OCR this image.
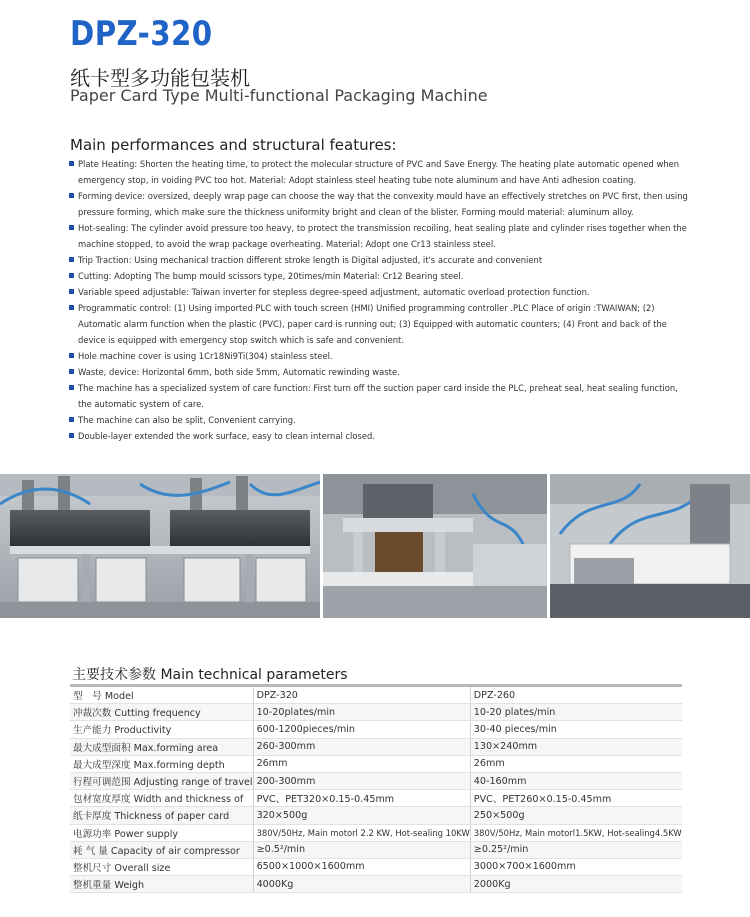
DPZ-320
纸卡型多功能包装机
Paper Card Type Multi-functional Packaging Machine
Main performances and structural features:
Plate Heating: Shorten the heating time, to protect the molecular structure of PVC and Save Energy. The heating plate automatic opened when emergency stop, in voiding PVC too hot. Material: Adopt stainless steel heating tube note aluminum and have Anti adhesion coating.
Forming device: oversized, deeply wrap page can choose the way that the convexity mould have an effectively stretches on PVC first, then using pressure forming, which make sure the thickness uniformity bright and clean of the blister. Forming mould material: aluminum alloy.
Hot-sealing: The cylinder avoid pressure too heavy, to protect the transmission recoiling, heat sealing plate and cylinder rises together when the machine stopped, to avoid the wrap package overheating. Material: Adopt one Cr13 stainless steel.
Trip Traction: Using mechanical traction different stroke length is Digital adjusted, it's accurate and convenient
Cutting: Adopting The bump mould scissors type, 20times/min Material: Cr12 Bearing steel.
Variable speed adjustable: Taiwan inverter for stepless degree-speed adjustment, automatic overload protection function.
Programmatic control: (1) Using imported PLC with touch screen (HMI) Unified programming controller .PLC Place of origin :TWAIWAN; (2) Automatic alarm function when the plastic (PVC), paper card is running out; (3) Equipped with automatic counters; (4) Front and back of the device is equipped with emergency stop switch which is safe and convenient.
Hole machine cover is using 1Cr18Ni9Ti(304) stainless steel.
Waste, device: Horizontal 6mm, both side 5mm, Automatic rewinding waste.
The machine has a specialized system of care function: First turn off the suction paper card inside the PLC, preheat seal, heat sealing function, the automatic system of care.
The machine can also be split, Convenient carrying.
Double-layer extended the work surface, easy to clean internal closed.
主要技术参数 Main technical parameters
型　号 Model	DPZ-320	DPZ-260
冲裁次数 Cutting frequency	10-20plates/min	10-20 plates/min
生产能力 Productivity	600-1200pieces/min	30-40 pieces/min
最大成型面积 Max.forming area	260-300mm	130×240mm
最大成型深度 Max.forming depth	26mm	26mm
行程可调范围 Adjusting range of travel	200-300mm	40-160mm
包材宽度厚度 Width and thickness of	PVC、PET320×0.15-0.45mm	PVC、PET260×0.15-0.45mm
纸卡厚度 Thickness of paper card	320×500g	250×500g
电源功率 Power supply	380V/50Hz, Main motorl 2.2 KW, Hot-sealing 10KW	380V/50Hz, Main motorl1.5KW, Hot-sealing4.5KW
耗 气 量 Capacity of air compressor	≥0.5²/min	≥0.25²/min
整机尺寸 Overall size	6500×1000×1600mm	3000×700×1600mm
整机重量 Weigh	4000Kg	2000Kg
